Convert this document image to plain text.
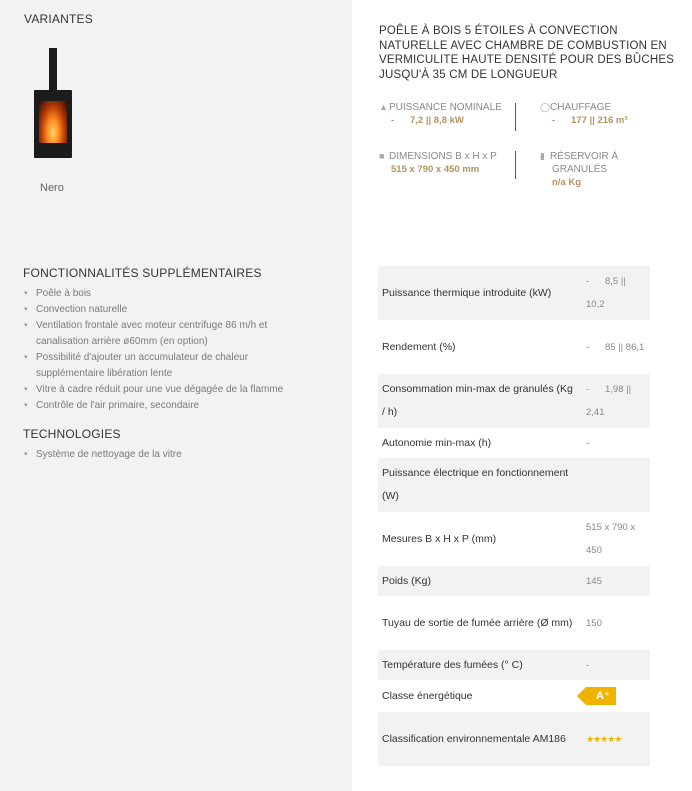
VARIANTES
Nero
FONCTIONNALITÉS SUPPLÉMENTAIRES
• Poêle à bois
• Convection naturelle
• Ventilation frontale avec moteur centrifuge 86 m/h et
canalisation arrière ø60mm (en option)
• Possibilité d'ajouter un accumulateur de chaleur
supplémentaire libération lente
• Vitre à cadre réduit pour une vue dégagée de la flamme
• Contrôle de l'air primaire, secondaire
TECHNOLOGIES
• Système de nettoyage de la vitre
POÊLE À BOIS 5 ÉTOILES À CONVECTION NATURELLE AVEC CHAMBRE DE COMBUSTION EN VERMICULITE HAUTE DENSITÉ POUR DES BÛCHES JUSQU'À 35 CM DE LONGUEUR
▲PUISSANCE NOMINALE
-      7,2 || 8,8 kW
◯CHAUFFAGE
-      177 || 216 m³
■ DIMENSIONS B x H x P
515 x 790 x 450 mm
▮ RÉSERVOIR À
GRANULÉS
n/a Kg
Puissance thermique introduite (kW)	-      8,5 || 10,2
Rendement (%)	-      85 || 86,1
Consommation min-max de granulés (Kg / h)	-      1,98 || 2,41
Autonomie min-max (h)	-
Puissance électrique en fonctionnement (W)	
Mesures B x H x P (mm)	515 x 790 x 450
Poids (Kg)	145
Tuyau de sortie de fumée arrière (Ø mm)	150
Température des fumées (° C)	-
Classe énergétique	A⁺
Classification environnementale AM186	★★★★★
